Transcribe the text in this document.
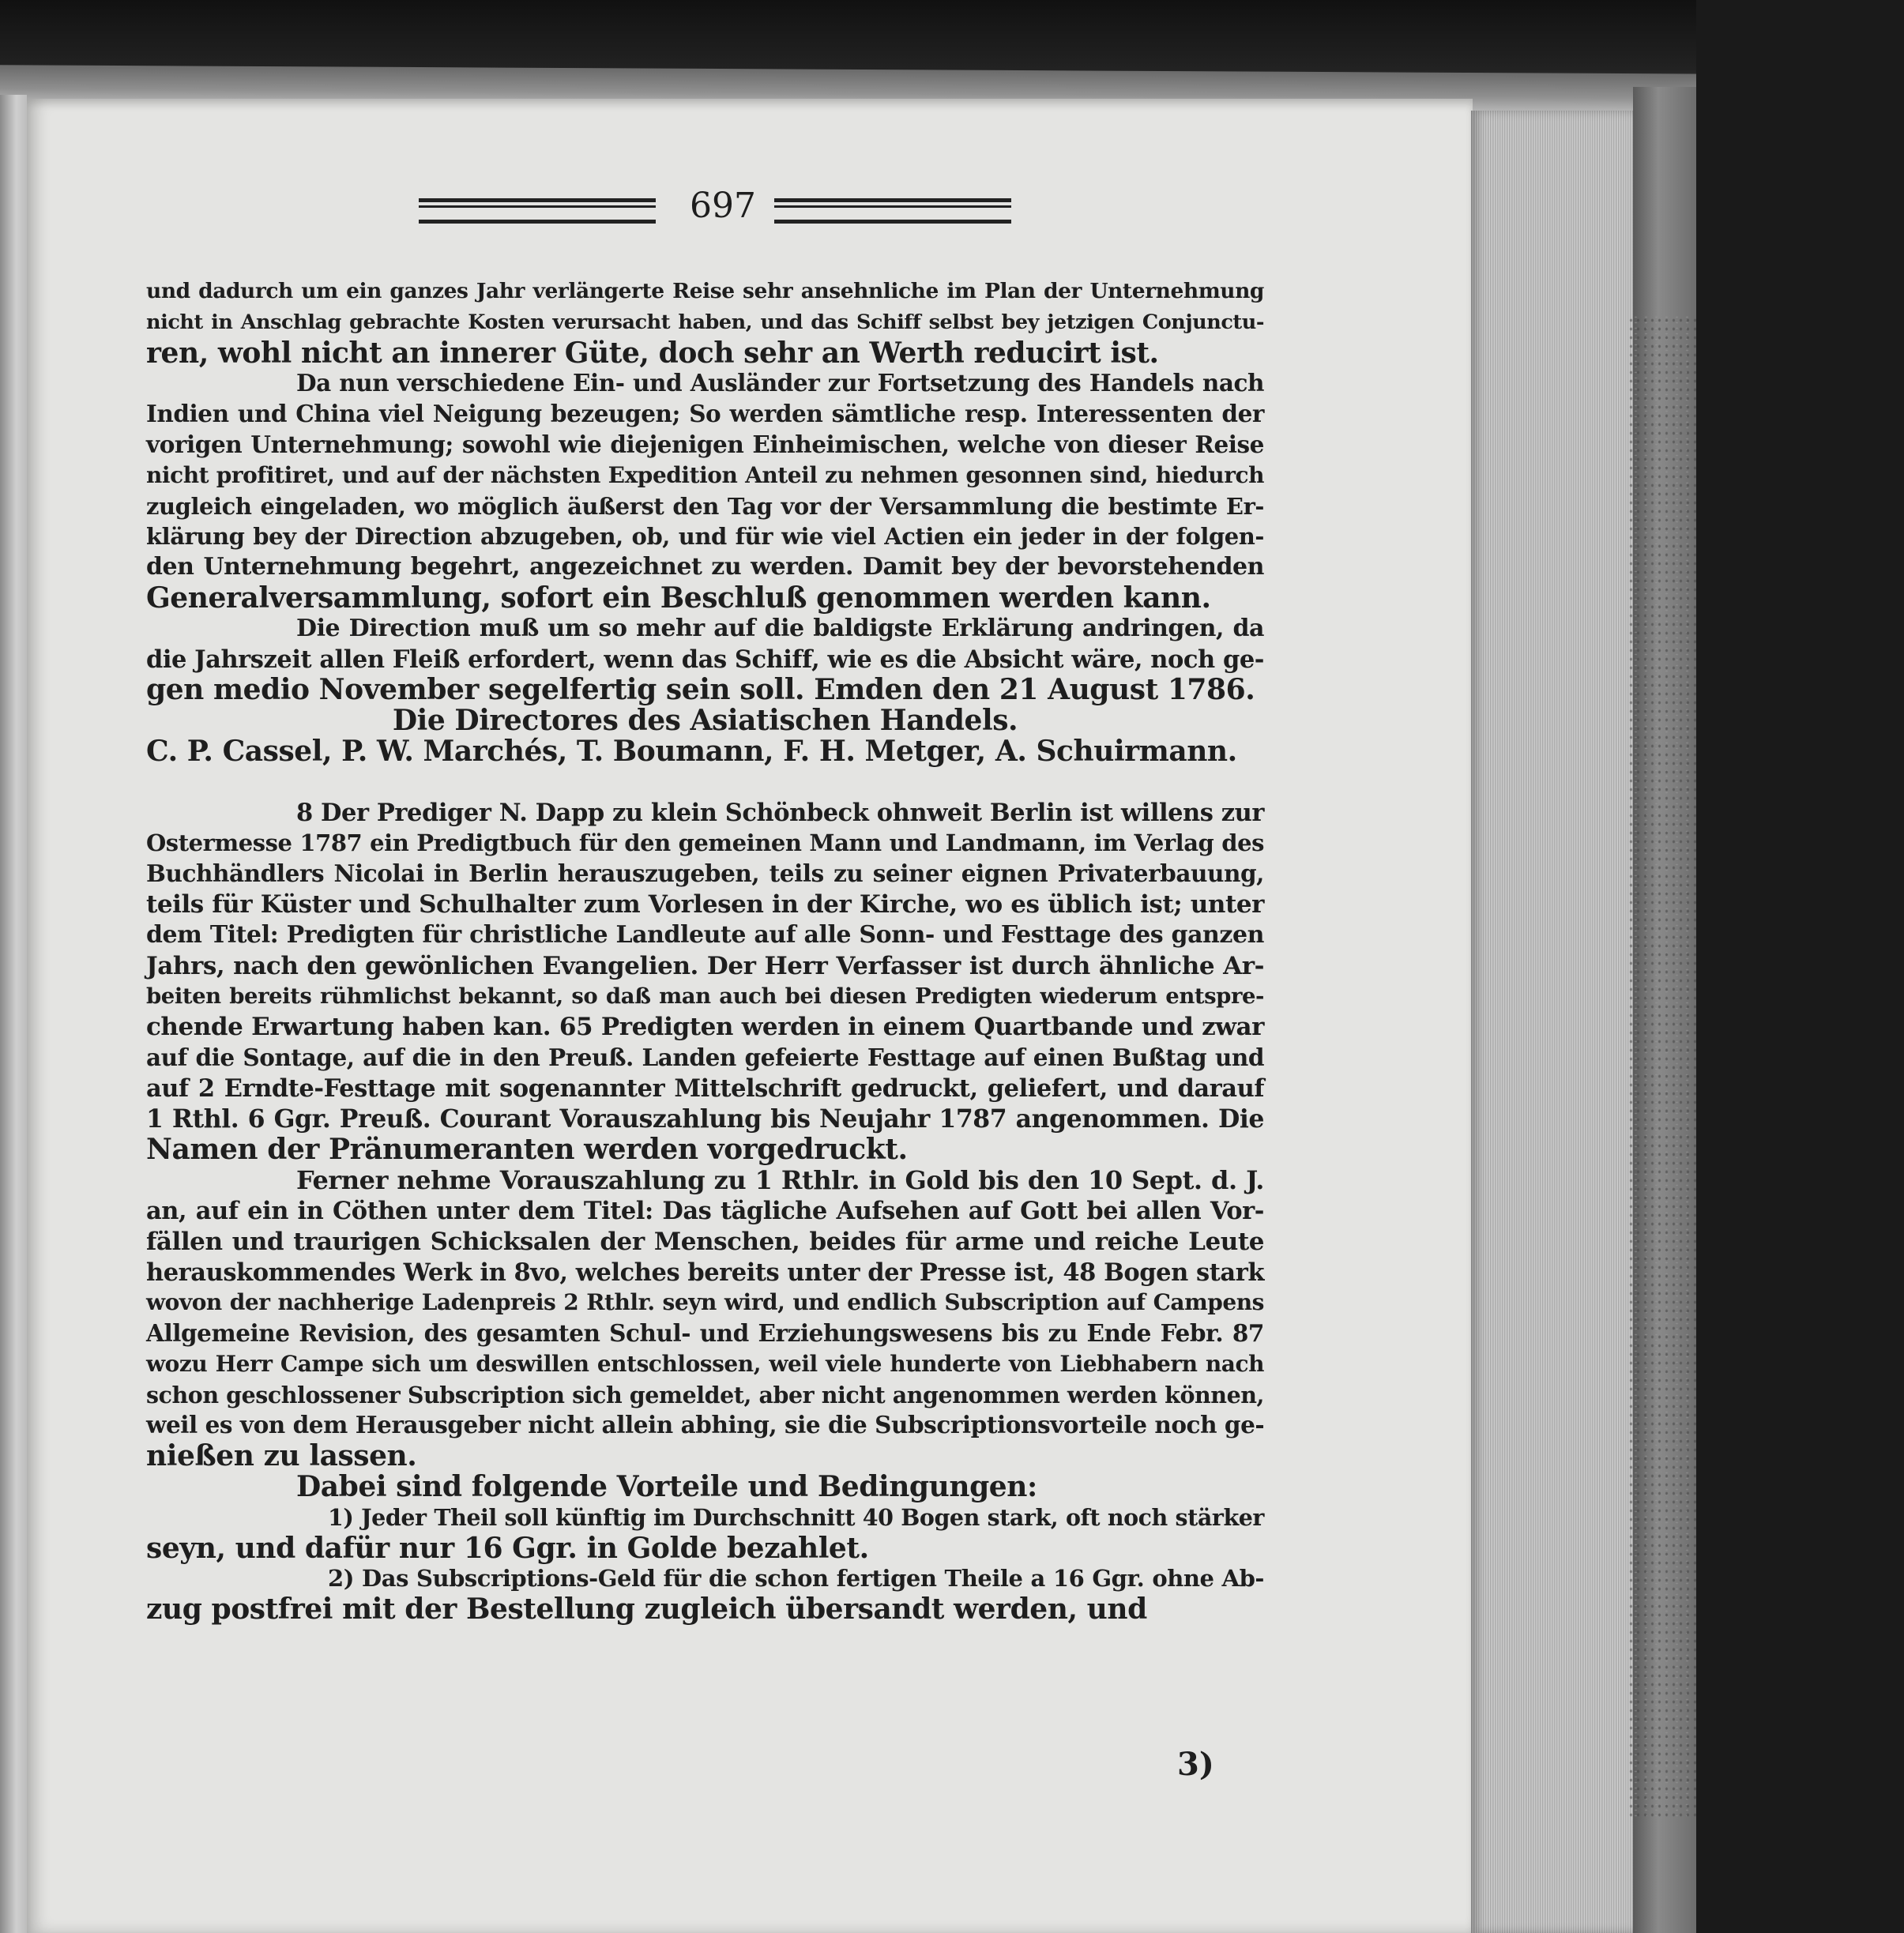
697
und dadurch um ein ganzes Jahr verlängerte Reise sehr ansehnliche im Plan der Unternehmung
nicht in Anschlag gebrachte Kosten verursacht haben, und das Schiff selbst bey jetzigen Conjunctu-
ren, wohl nicht an innerer Güte, doch sehr an Werth reducirt ist.
Da nun verschiedene Ein- und Ausländer zur Fortsetzung des Handels nach
Indien und China viel Neigung bezeugen; So werden sämtliche resp. Interessenten der
vorigen Unternehmung; sowohl wie diejenigen Einheimischen, welche von dieser Reise
nicht profitiret, und auf der nächsten Expedition Anteil zu nehmen gesonnen sind, hiedurch
zugleich eingeladen, wo möglich äußerst den Tag vor der Versammlung die bestimte Er-
klärung bey der Direction abzugeben, ob, und für wie viel Actien ein jeder in der folgen-
den Unternehmung begehrt, angezeichnet zu werden. Damit bey der bevorstehenden
Generalversammlung, sofort ein Beschluß genommen werden kann.
Die Direction muß um so mehr auf die baldigste Erklärung andringen, da
die Jahrszeit allen Fleiß erfordert, wenn das Schiff, wie es die Absicht wäre, noch ge-
gen medio November segelfertig sein soll. Emden den 21 August 1786.
Die Directores des Asiatischen Handels.
C. P. Cassel, P. W. Marchés, T. Boumann, F. H. Metger, A. Schuirmann.
8 Der Prediger N. Dapp zu klein Schönbeck ohnweit Berlin ist willens zur
Ostermesse 1787 ein Predigtbuch für den gemeinen Mann und Landmann, im Verlag des
Buchhändlers Nicolai in Berlin herauszugeben, teils zu seiner eignen Privaterbauung,
teils für Küster und Schulhalter zum Vorlesen in der Kirche, wo es üblich ist; unter
dem Titel: Predigten für christliche Landleute auf alle Sonn- und Festtage des ganzen
Jahrs, nach den gewönlichen Evangelien. Der Herr Verfasser ist durch ähnliche Ar-
beiten bereits rühmlichst bekannt, so daß man auch bei diesen Predigten wiederum entspre-
chende Erwartung haben kan. 65 Predigten werden in einem Quartbande und zwar
auf die Sontage, auf die in den Preuß. Landen gefeierte Festtage auf einen Bußtag und
auf 2 Erndte-Festtage mit sogenannter Mittelschrift gedruckt, geliefert, und darauf
1 Rthl. 6 Ggr. Preuß. Courant Vorauszahlung bis Neujahr 1787 angenommen. Die
Namen der Pränumeranten werden vorgedruckt.
Ferner nehme Vorauszahlung zu 1 Rthlr. in Gold bis den 10 Sept. d. J.
an, auf ein in Cöthen unter dem Titel: Das tägliche Aufsehen auf Gott bei allen Vor-
fällen und traurigen Schicksalen der Menschen, beides für arme und reiche Leute
herauskommendes Werk in 8vo, welches bereits unter der Presse ist, 48 Bogen stark
wovon der nachherige Ladenpreis 2 Rthlr. seyn wird, und endlich Subscription auf Campens
Allgemeine Revision, des gesamten Schul- und Erziehungswesens bis zu Ende Febr. 87
wozu Herr Campe sich um deswillen entschlossen, weil viele hunderte von Liebhabern nach
schon geschlossener Subscription sich gemeldet, aber nicht angenommen werden können,
weil es von dem Herausgeber nicht allein abhing, sie die Subscriptionsvorteile noch ge-
nießen zu lassen.
Dabei sind folgende Vorteile und Bedingungen:
1) Jeder Theil soll künftig im Durchschnitt 40 Bogen stark, oft noch stärker
seyn, und dafür nur 16 Ggr. in Golde bezahlet.
2) Das Subscriptions-Geld für die schon fertigen Theile a 16 Ggr. ohne Ab-
zug postfrei mit der Bestellung zugleich übersandt werden, und
3)
